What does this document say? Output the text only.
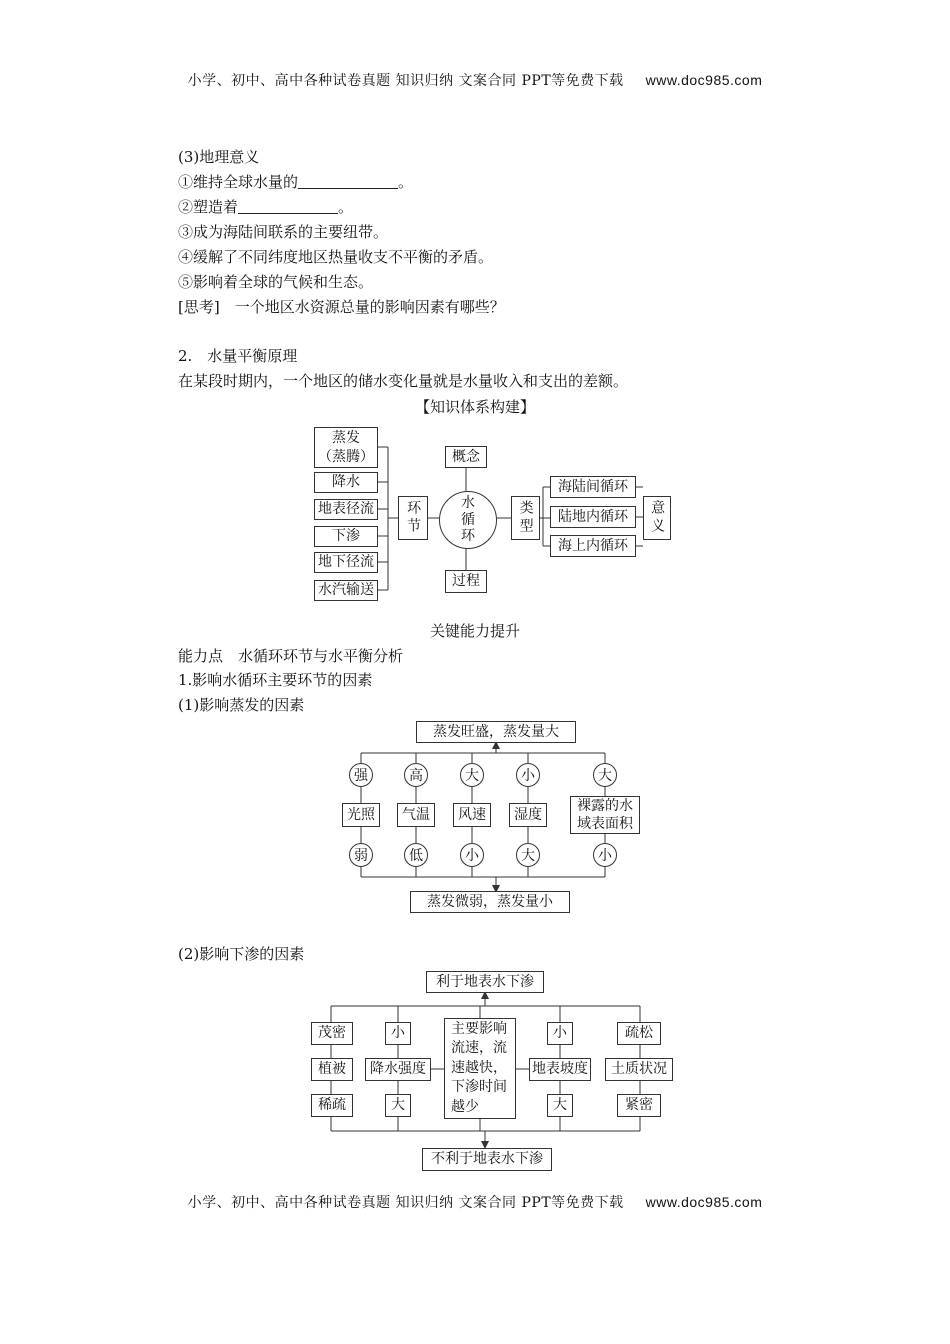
小学、初中、高中各种试卷真题 知识归纳 文案合同 PPT等免费下载 www.doc985.com
(3)地理意义
①维持全球水量的	。
②塑造着	。
③成为海陆间联系的主要纽带。
④缓解了不同纬度地区热量收支不平衡的矛盾。
⑤影响着全球的气候和生态。
[思考]　一个地区水资源总量的影响因素有哪些？
2.　水量平衡原理
在某段时期内，一个地区的储水变化量就是水量收入和支出的差额。
【知识体系构建】
蒸发
（蒸腾）
降水
地表径流
下渗
地下径流
水汽输送
环节	水
循
环
概念
过程
类型
海陆间循环
陆地内循环
海上内循环
意义
关键能力提升
能力点　水循环环节与水平衡分析
1.影响水循环主要环节的因素
(1)影响蒸发的因素
蒸发旺盛，蒸发量大
强	高	大	小	大
光照	气温	风速	湿度
裸露的水
域表面积
弱	低	小	大	小
蒸发微弱，蒸发量小
(2)影响下渗的因素
利于地表水下渗
茂密
植被
稀疏
小
降水强度
大
主要影响
流速，流
速越快，
下渗时间
越少
小
地表坡度
大
疏松
土质状况
紧密
不利于地表水下渗
小学、初中、高中各种试卷真题 知识归纳 文案合同 PPT等免费下载 www.doc985.com
